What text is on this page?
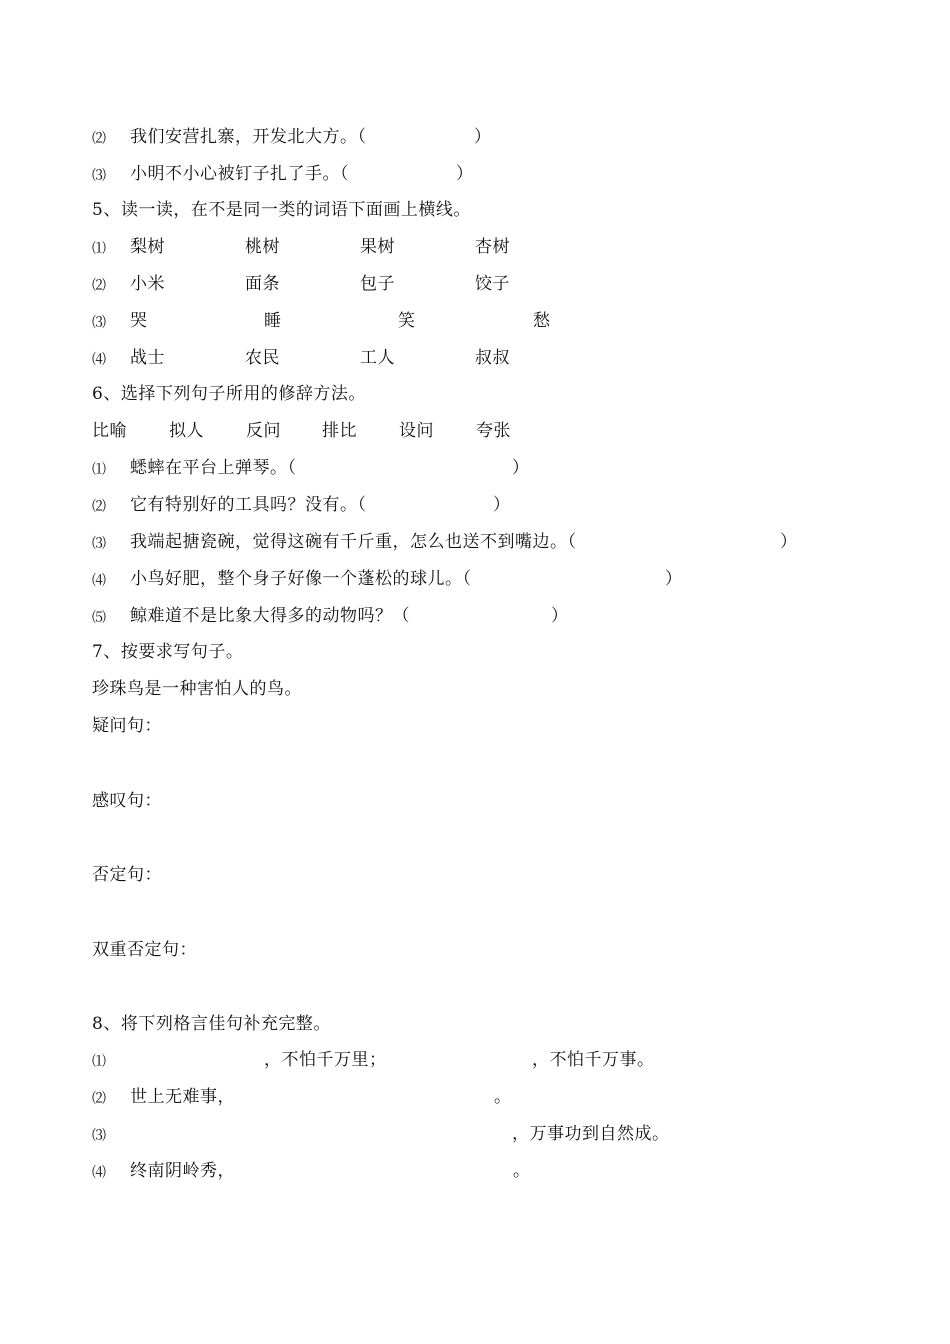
⑵ 我们安营扎寨，开发北大方。（	）
⑶ 小明不小心被钉子扎了手。（	）
5、读一读，在不是同一类的词语下面画上横线。
⑴ 梨树	桃树	果树	杏树
⑵ 小米	面条	包子	饺子
⑶ 哭	睡	笑	愁
⑷ 战士	农民	工人	叔叔
6、选择下列句子所用的修辞方法。
比喻 拟人 反问 排比 设问 夸张
⑴ 蟋蟀在平台上弹琴。（	）
⑵ 它有特别好的工具吗？没有。（	）
⑶ 我端起搪瓷碗，觉得这碗有千斤重，怎么也送不到嘴边。（	）
⑷ 小鸟好肥，整个身子好像一个蓬松的球儿。（	）
⑸ 鲸难道不是比象大得多的动物吗？（	）
7、按要求写句子。
珍珠鸟是一种害怕人的鸟。
疑问句：
感叹句：
否定句：
双重否定句：
8、将下列格言佳句补充完整。
⑴	，不怕千万里；	，不怕千万事。
⑵ 世上无难事，	。
⑶	，万事功到自然成。
⑷ 终南阴岭秀，	。
